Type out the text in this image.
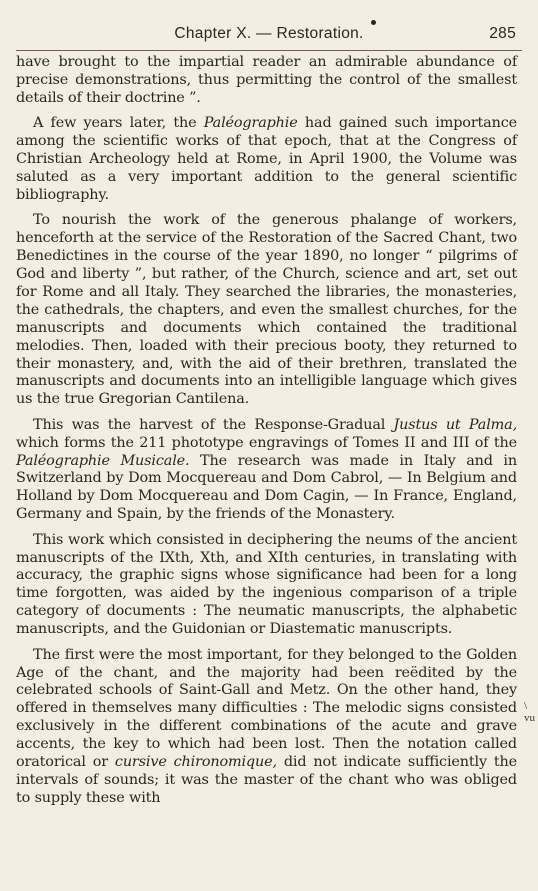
Chapter X. — Restoration.	285

have brought to the impartial reader an admirable abundance of precise demonstrations, thus permitting the control of the smallest details of their doctrine ”.

A few years later, the Paléographie had gained such importance among the scientific works of that epoch, that at the Congress of Christian Archeology held at Rome, in April 1900, the Volume was saluted as a very important addition to the general scientific bibliography.

To nourish the work of the generous phalange of workers, henceforth at the service of the Restoration of the Sacred Chant, two Benedictines in the course of the year 1890, no longer “ pilgrims of God and liberty ”, but rather, of the Church, science and art, set out for Rome and all Italy. They searched the libraries, the monasteries, the cathedrals, the chapters, and even the smallest churches, for the manuscripts and documents which contained the traditional melodies. Then, loaded with their precious booty, they returned to their monastery, and, with the aid of their brethren, translated the manuscripts and documents into an intelligible language which gives us the true Gregorian Cantilena.

This was the harvest of the Response-Gradual Justus ut Palma, which forms the 211 phototype engravings of Tomes II and III of the Paléographie Musicale. The research was made in Italy and in Switzerland by Dom Mocquereau and Dom Cabrol, — In Belgium and Holland by Dom Mocquereau and Dom Cagin, — In France, England, Germany and Spain, by the friends of the Monastery.

This work which consisted in deciphering the neums of the ancient manuscripts of the IXth, Xth, and XIth centuries, in translating with accuracy, the graphic signs whose significance had been for a long time forgotten, was aided by the ingenious comparison of a triple category of documents : The neumatic manuscripts, the alphabetic manuscripts, and the Guidonian or Diastematic manuscripts.

The first were the most important, for they belonged to the Golden Age of the chant, and the majority had been reëdited by the celebrated schools of Saint-Gall and Metz. On the other hand, they offered in themselves many difficulties : The melodic signs consisted exclusively in the different combinations of the acute and grave accents, the key to which had been lost. Then the notation called oratorical or cursive chironomique, did not indicate sufficiently the intervals of sounds; it was the master of the chant who was obliged to supply these with

\ vu
